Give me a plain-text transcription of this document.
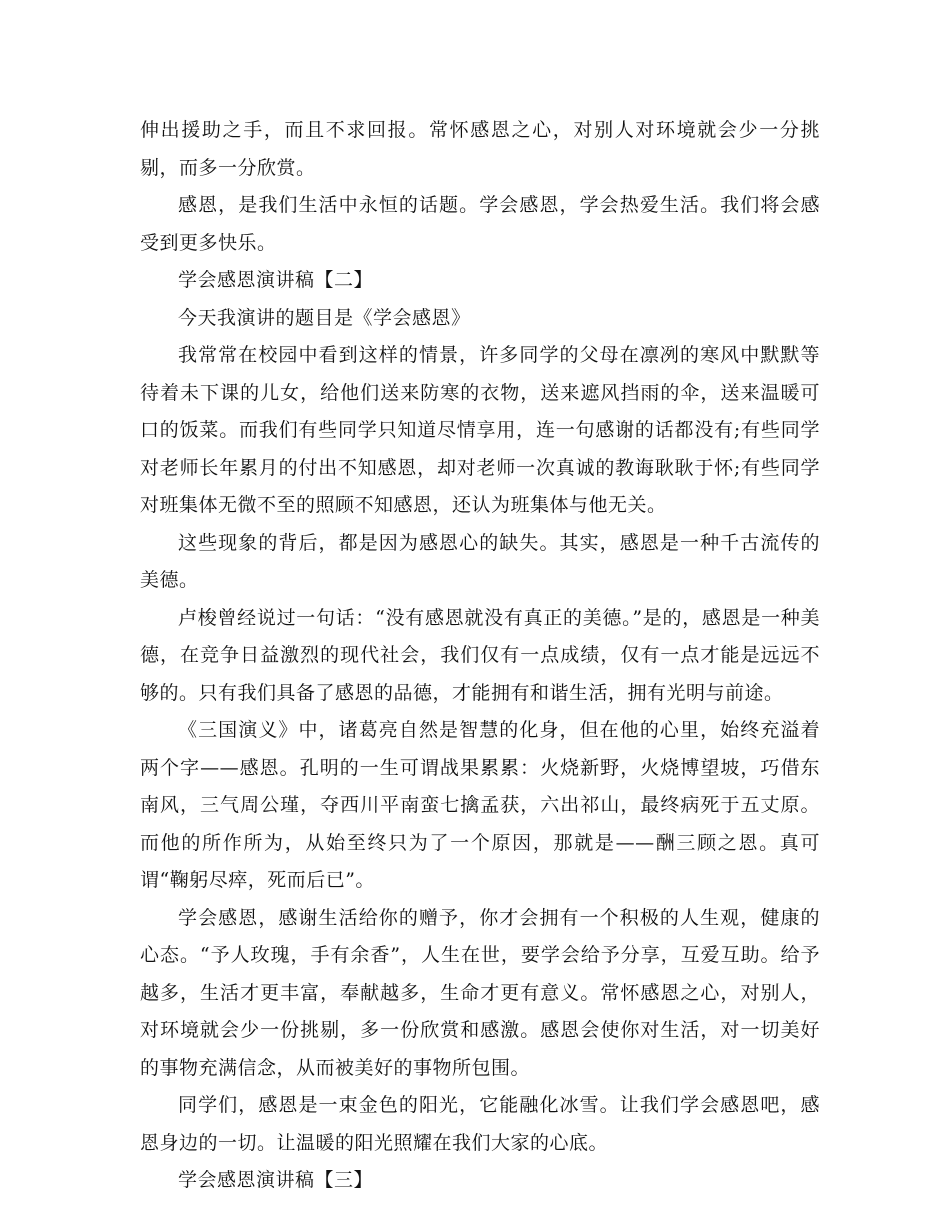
伸出援助之手，而且不求回报。常怀感恩之心，对别人对环境就会少一分挑剔，而多一分欣赏。

感恩，是我们生活中永恒的话题。学会感恩，学会热爱生活。我们将会感受到更多快乐。

学会感恩演讲稿【二】

今天我演讲的题目是《学会感恩》

我常常在校园中看到这样的情景，许多同学的父母在凛冽的寒风中默默等待着未下课的儿女，给他们送来防寒的衣物，送来遮风挡雨的伞，送来温暖可口的饭菜。而我们有些同学只知道尽情享用，连一句感谢的话都没有;有些同学对老师长年累月的付出不知感恩，却对老师一次真诚的教诲耿耿于怀;有些同学对班集体无微不至的照顾不知感恩，还认为班集体与他无关。

这些现象的背后，都是因为感恩心的缺失。其实，感恩是一种千古流传的美德。

卢梭曾经说过一句话：“没有感恩就没有真正的美德。”是的，感恩是一种美德，在竞争日益激烈的现代社会，我们仅有一点成绩，仅有一点才能是远远不够的。只有我们具备了感恩的品德，才能拥有和谐生活，拥有光明与前途。

《三国演义》中，诸葛亮自然是智慧的化身，但在他的心里，始终充溢着两个字——感恩。孔明的一生可谓战果累累：火烧新野，火烧博望坡，巧借东南风，三气周公瑾，夺西川平南蛮七擒孟获，六出祁山，最终病死于五丈原。而他的所作所为，从始至终只为了一个原因，那就是——酬三顾之恩。真可谓“鞠躬尽瘁，死而后已”。

学会感恩，感谢生活给你的赠予，你才会拥有一个积极的人生观，健康的心态。“予人玫瑰，手有余香”，人生在世，要学会给予分享，互爱互助。给予越多，生活才更丰富，奉献越多，生命才更有意义。常怀感恩之心，对别人，对环境就会少一份挑剔，多一份欣赏和感激。感恩会使你对生活，对一切美好的事物充满信念，从而被美好的事物所包围。

同学们，感恩是一束金色的阳光，它能融化冰雪。让我们学会感恩吧，感恩身边的一切。让温暖的阳光照耀在我们大家的心底。

学会感恩演讲稿【三】
